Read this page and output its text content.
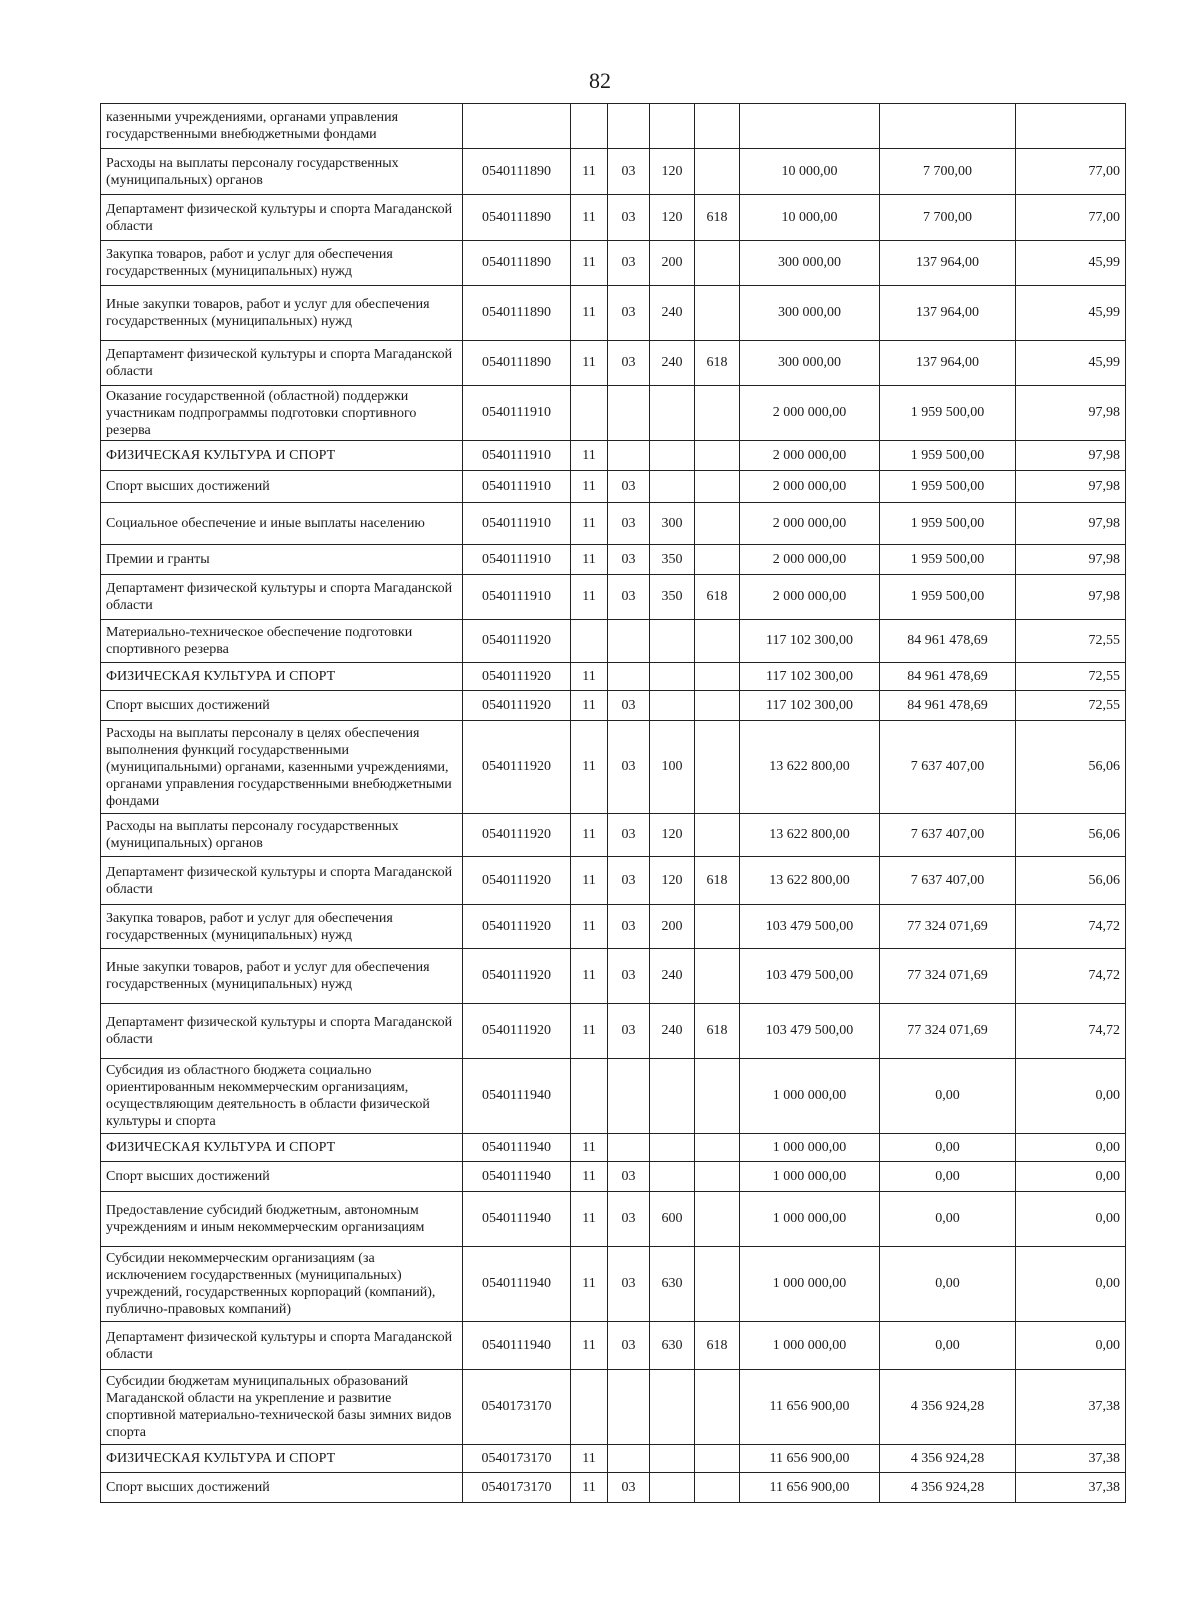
82
казенными учреждениями, органами управления государственными внебюджетными фондами								
Расходы на выплаты персоналу государственных (муниципальных) органов	0540111890	11	03	120		10 000,00	7 700,00	77,00
Департамент физической культуры и спорта Магаданской области	0540111890	11	03	120	618	10 000,00	7 700,00	77,00
Закупка товаров, работ и услуг для обеспечения государственных (муниципальных) нужд	0540111890	11	03	200		300 000,00	137 964,00	45,99
Иные закупки товаров, работ и услуг для обеспечения государственных (муниципальных) нужд	0540111890	11	03	240		300 000,00	137 964,00	45,99
Департамент физической культуры и спорта Магаданской области	0540111890	11	03	240	618	300 000,00	137 964,00	45,99
Оказание государственной (областной) поддержки участникам подпрограммы подготовки спортивного резерва	0540111910					2 000 000,00	1 959 500,00	97,98
ФИЗИЧЕСКАЯ КУЛЬТУРА И СПОРТ	0540111910	11				2 000 000,00	1 959 500,00	97,98
Спорт высших достижений	0540111910	11	03			2 000 000,00	1 959 500,00	97,98
Социальное обеспечение и иные выплаты населению	0540111910	11	03	300		2 000 000,00	1 959 500,00	97,98
Премии и гранты	0540111910	11	03	350		2 000 000,00	1 959 500,00	97,98
Департамент физической культуры и спорта Магаданской области	0540111910	11	03	350	618	2 000 000,00	1 959 500,00	97,98
Материально-техническое обеспечение подготовки спортивного резерва	0540111920					117 102 300,00	84 961 478,69	72,55
ФИЗИЧЕСКАЯ КУЛЬТУРА И СПОРТ	0540111920	11				117 102 300,00	84 961 478,69	72,55
Спорт высших достижений	0540111920	11	03			117 102 300,00	84 961 478,69	72,55
Расходы на выплаты персоналу в целях обеспечения выполнения функций государственными (муниципальными) органами, казенными учреждениями, органами управления государственными внебюджетными фондами	0540111920	11	03	100		13 622 800,00	7 637 407,00	56,06
Расходы на выплаты персоналу государственных (муниципальных) органов	0540111920	11	03	120		13 622 800,00	7 637 407,00	56,06
Департамент физической культуры и спорта Магаданской области	0540111920	11	03	120	618	13 622 800,00	7 637 407,00	56,06
Закупка товаров, работ и услуг для обеспечения государственных (муниципальных) нужд	0540111920	11	03	200		103 479 500,00	77 324 071,69	74,72
Иные закупки товаров, работ и услуг для обеспечения государственных (муниципальных) нужд	0540111920	11	03	240		103 479 500,00	77 324 071,69	74,72
Департамент физической культуры и спорта Магаданской области	0540111920	11	03	240	618	103 479 500,00	77 324 071,69	74,72
Субсидия из областного бюджета социально ориентированным некоммерческим организациям, осуществляющим деятельность в области физической культуры и спорта	0540111940					1 000 000,00	0,00	0,00
ФИЗИЧЕСКАЯ КУЛЬТУРА И СПОРТ	0540111940	11				1 000 000,00	0,00	0,00
Спорт высших достижений	0540111940	11	03			1 000 000,00	0,00	0,00
Предоставление субсидий бюджетным, автономным учреждениям и иным некоммерческим организациям	0540111940	11	03	600		1 000 000,00	0,00	0,00
Субсидии некоммерческим организациям (за исключением государственных (муниципальных) учреждений, государственных корпораций (компаний), публично-правовых компаний)	0540111940	11	03	630		1 000 000,00	0,00	0,00
Департамент физической культуры и спорта Магаданской области	0540111940	11	03	630	618	1 000 000,00	0,00	0,00
Субсидии бюджетам муниципальных образований Магаданской области на укрепление и развитие спортивной материально-технической базы зимних видов спорта	0540173170					11 656 900,00	4 356 924,28	37,38
ФИЗИЧЕСКАЯ КУЛЬТУРА И СПОРТ	0540173170	11				11 656 900,00	4 356 924,28	37,38
Спорт высших достижений	0540173170	11	03			11 656 900,00	4 356 924,28	37,38
